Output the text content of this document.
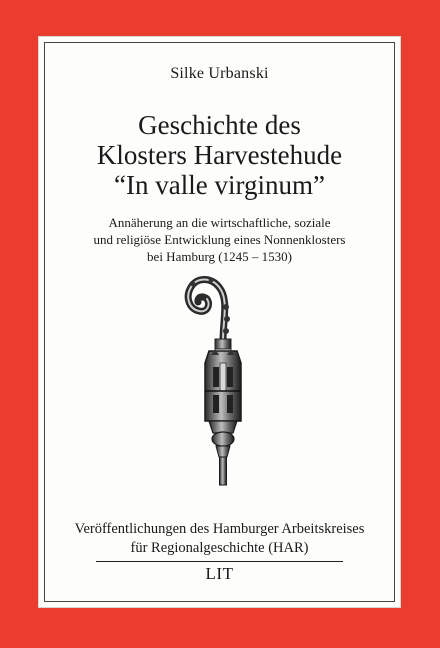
Silke Urbanski
Geschichte des
Klosters Harvestehude
“In valle virginum”
Annäherung an die wirtschaftliche, soziale
und religiöse Entwicklung eines Nonnenklosters
bei Hamburg (1245 – 1530)
Veröffentlichungen des Hamburger Arbeitskreises
für Regionalgeschichte (HAR)
LIT
